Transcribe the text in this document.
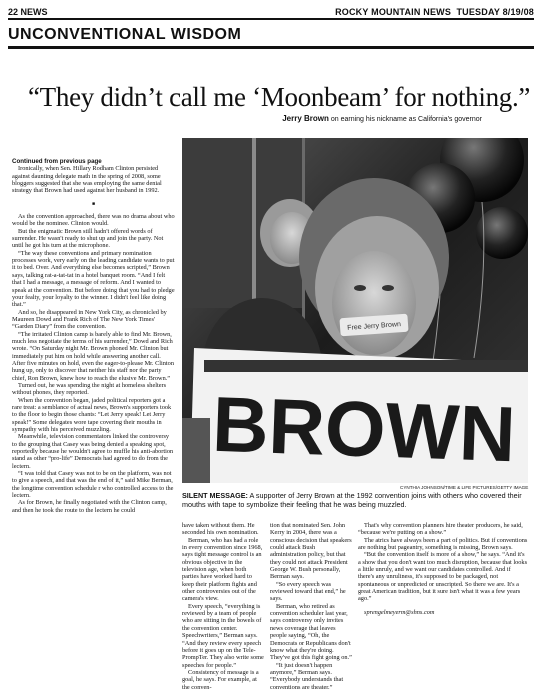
22 NEWS	ROCKY MOUNTAIN NEWS TUESDAY 8/19/08
UNCONVENTIONAL WISDOM
“They didn’t call me ‘Moonbeam’ for nothing.”
Jerry Brown on earning his nickname as California's governor

Continued from previous page

Ironically, when Sen. Hillary Rodham Clinton persisted against daunting delegate math in the spring of 2008, some bloggers suggested that she was employing the same denial strategy that Brown had used against her husband in 1992.

■

As the convention approached, there was no drama about who would be the nominee. Clinton would.

But the enigmatic Brown still hadn't offered words of surrender. He wasn't ready to shut up and join the party. Not until he got his turn at the microphone.

“The way these conventions and primary nomination processes work, very early on the leading candidate wants to put it to bed. Over. And everything else becomes scripted,” Brown says, talking rat-a-tat-tat in a hotel banquet room. “And I felt that I had a message, a message of reform. And I wanted to speak at the convention. But before doing that you had to pledge your fealty, your loyalty to the winner. I didn't feel like doing that.”

And so, he disappeared in New York City, as chronicled by Maureen Dowd and Frank Rich of The New York Times' “Garden Diary” from the convention.

“The irritated Clinton camp is barely able to find Mr. Brown, much less negotiate the terms of his surrender,” Dowd and Rich wrote. “On Saturday night Mr. Brown phoned Mr. Clinton but immediately put him on hold while answering another call. After five minutes on hold, even the eager-to-please Mr. Clinton hung up, only to discover that neither his staff nor the party chief, Ron Brown, knew how to reach the elusive Mr. Brown.”

Turned out, he was spending the night at homeless shelters without phones, they reported.

When the convention began, jaded political reporters got a rare treat: a semblance of actual news, Brown's supporters took to the floor to begin those chants: “Let Jerry speak! Let Jerry speak!” Some delegates wore tape covering their mouths in sympathy with his perceived muzzling.

Meanwhile, television commentators linked the controversy to the grouping that Casey was being denied a speaking spot, reportedly because he wouldn't agree to muffle his anti-abortion stand as other “pro-life” Democrats had agreed to do from the lectern.

“I was told that Casey was not to be on the platform, was not to give a speech, and that was the end of it,” said Mike Berman, the longtime convention schedule r who controlled access to the lectern.

As for Brown, he finally negotiated with the Clinton camp, and then he took the route to the lectern he could

Free Jerry Brown
BROWN
CYNTHIA JOHNSON/TIME & LIFE PICTURES/GETTY IMAGE
SILENT MESSAGE: A supporter of Jerry Brown at the 1992 convention joins with others who covered their mouths with tape to symbolize their feeling that he was being muzzled.

have taken without them. He seconded his own nomination.

Berman, who has had a role in every convention since 1968, says tight message control is an obvious objective in the television age, when both parties have worked hard to keep their platform fights and other controversies out of the camera's view.

Every speech, “everything is reviewed by a team of people who are sitting in the bowels of the convention center. Speechwriters,” Berman says. “And they review every speech before it goes up on the Tele-PrompTer. They also write some speeches for people.”

Consistency of message is a goal, he says. For example, at the conven-

tion that nominated Sen. John Kerry in 2004, there was a conscious decision that speakers could attack Bush administration policy, but that they could not attack President George W. Bush personally, Berman says.

“So every speech was reviewed toward that end,” he says.

Berman, who retired as convention scheduler last year, says controversy only invites news coverage that leaves people saying, “Oh, the Democrats or Republicans don't know what they're doing. They've got this fight going on.”

“It just doesn't happen anymore,” Berman says. “Everybody understands that conventions are theater.”

That's why convention planners hire theater producers, he said, “because we're putting on a show.”

The atrics have always been a part of politics. But if conventions are nothing but pageantry, something is missing, Brown says.

“But the convention itself is more of a show,” he says. “And it's a show that you don't want too much disruption, because that looks a little unruly, and we want our candidates controlled. And if there's any unruliness, it's supposed to be packaged, not spontaneous or unpredicted or unscripted. So there we are. It's a great American tradition, but it sure isn't what it was a few years ago.”

sprengelmeyerm@shns.com
